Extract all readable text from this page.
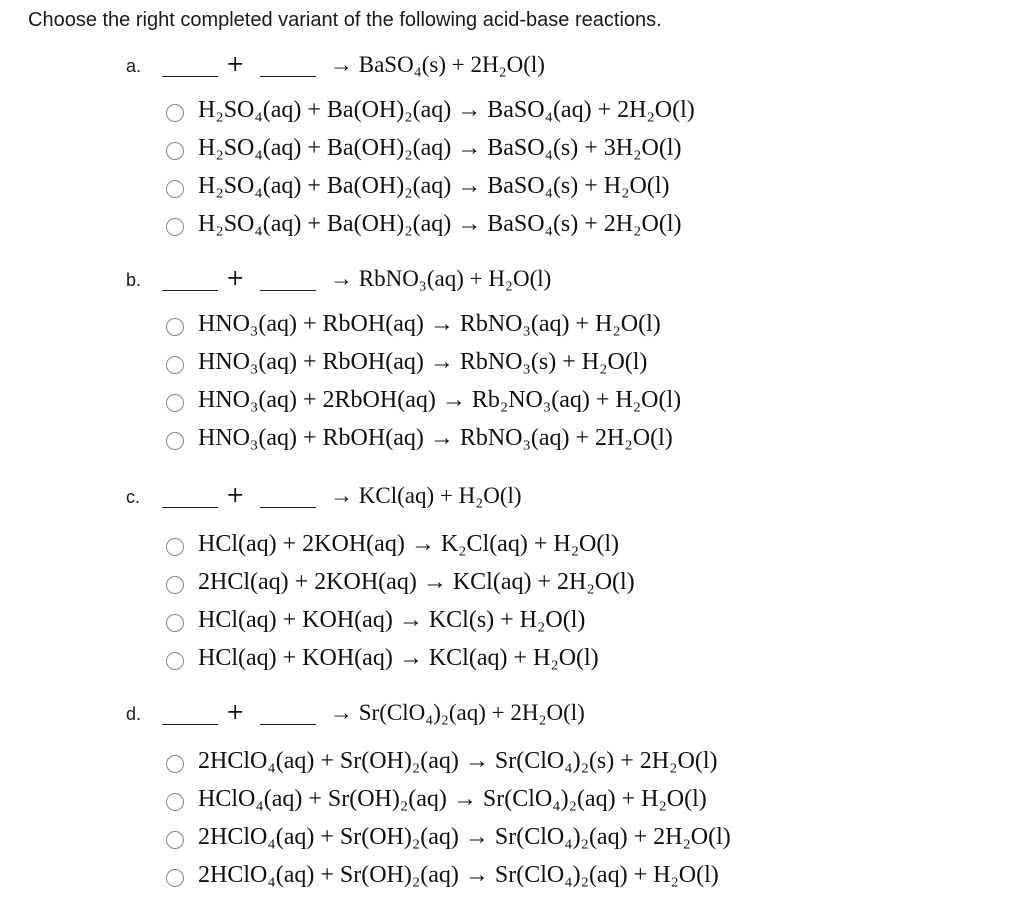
Choose the right completed variant of the following acid-base reactions.
a.	+	→ BaSO₄(s) + 2H₂O(l)
H₂SO₄(aq) + Ba(OH)₂(aq) → BaSO₄(aq) + 2H₂O(l)
H₂SO₄(aq) + Ba(OH)₂(aq) → BaSO₄(s) + 3H₂O(l)
H₂SO₄(aq) + Ba(OH)₂(aq) → BaSO₄(s) + H₂O(l)
H₂SO₄(aq) + Ba(OH)₂(aq) → BaSO₄(s) + 2H₂O(l)
b.	+	→ RbNO₃(aq) + H₂O(l)
HNO₃(aq) + RbOH(aq) → RbNO₃(aq) + H₂O(l)
HNO₃(aq) + RbOH(aq) → RbNO₃(s) + H₂O(l)
HNO₃(aq) + 2RbOH(aq) → Rb₂NO₃(aq) + H₂O(l)
HNO₃(aq) + RbOH(aq) → RbNO₃(aq) + 2H₂O(l)
c.	+	→ KCl(aq) + H₂O(l)
HCl(aq) + 2KOH(aq) → K₂Cl(aq) + H₂O(l)
2HCl(aq) + 2KOH(aq) → KCl(aq) + 2H₂O(l)
HCl(aq) + KOH(aq) → KCl(s) + H₂O(l)
HCl(aq) + KOH(aq) → KCl(aq) + H₂O(l)
d.	+	→ Sr(ClO₄)₂(aq) + 2H₂O(l)
2HClO₄(aq) + Sr(OH)₂(aq) → Sr(ClO₄)₂(s) + 2H₂O(l)
HClO₄(aq) + Sr(OH)₂(aq) → Sr(ClO₄)₂(aq) + H₂O(l)
2HClO₄(aq) + Sr(OH)₂(aq) → Sr(ClO₄)₂(aq) + 2H₂O(l)
2HClO₄(aq) + Sr(OH)₂(aq) → Sr(ClO₄)₂(aq) + H₂O(l)
